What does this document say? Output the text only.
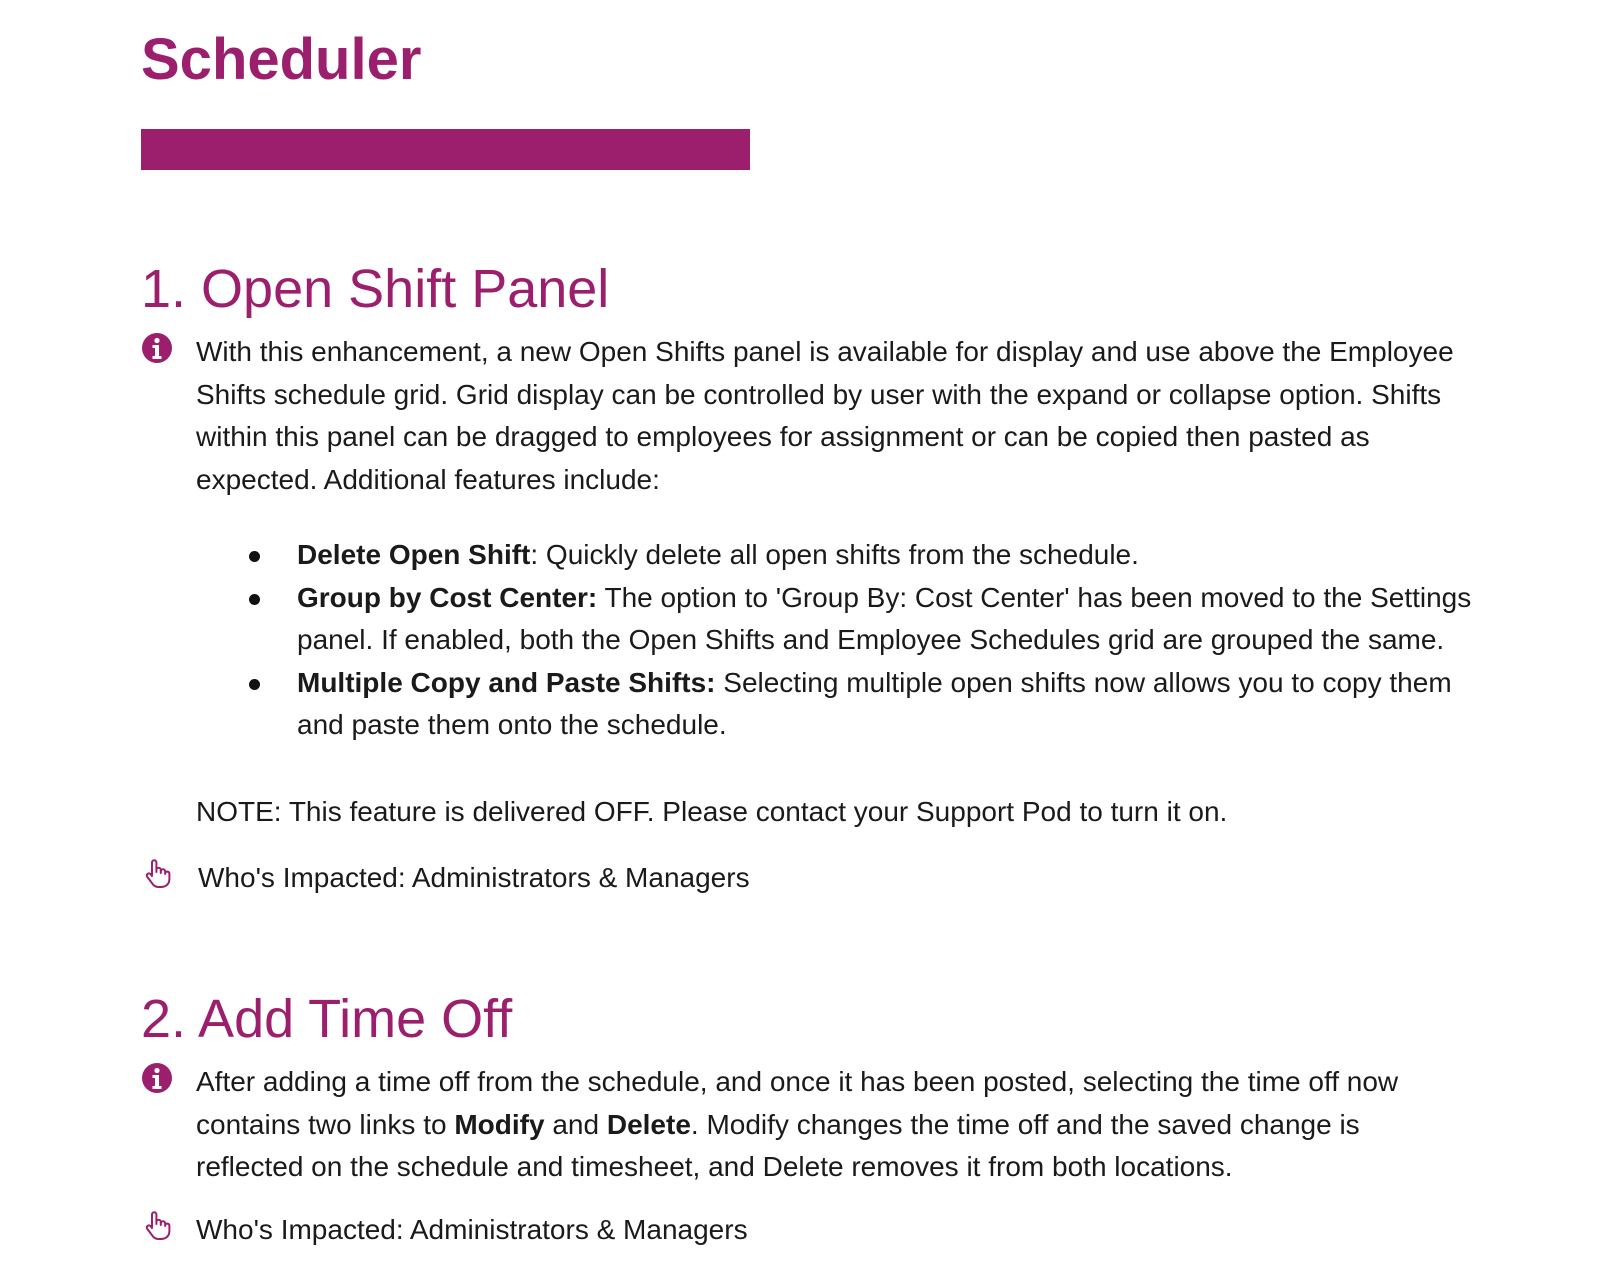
Scheduler
1. Open Shift Panel

With this enhancement, a new Open Shifts panel is available for display and use above the Employee Shifts schedule grid. Grid display can be controlled by user with the expand or collapse option. Shifts within this panel can be dragged to employees for assignment or can be copied then pasted as expected. Additional features include:

Delete Open Shift: Quickly delete all open shifts from the schedule.
Group by Cost Center: The option to 'Group By: Cost Center' has been moved to the Settings panel. If enabled, both the Open Shifts and Employee Schedules grid are grouped the same.
Multiple Copy and Paste Shifts: Selecting multiple open shifts now allows you to copy them and paste them onto the schedule.

NOTE: This feature is delivered OFF. Please contact your Support Pod to turn it on.

Who's Impacted: Administrators & Managers

2. Add Time Off

After adding a time off from the schedule, and once it has been posted, selecting the time off now contains two links to Modify and Delete. Modify changes the time off and the saved change is reflected on the schedule and timesheet, and Delete removes it from both locations.

Who's Impacted: Administrators & Managers
